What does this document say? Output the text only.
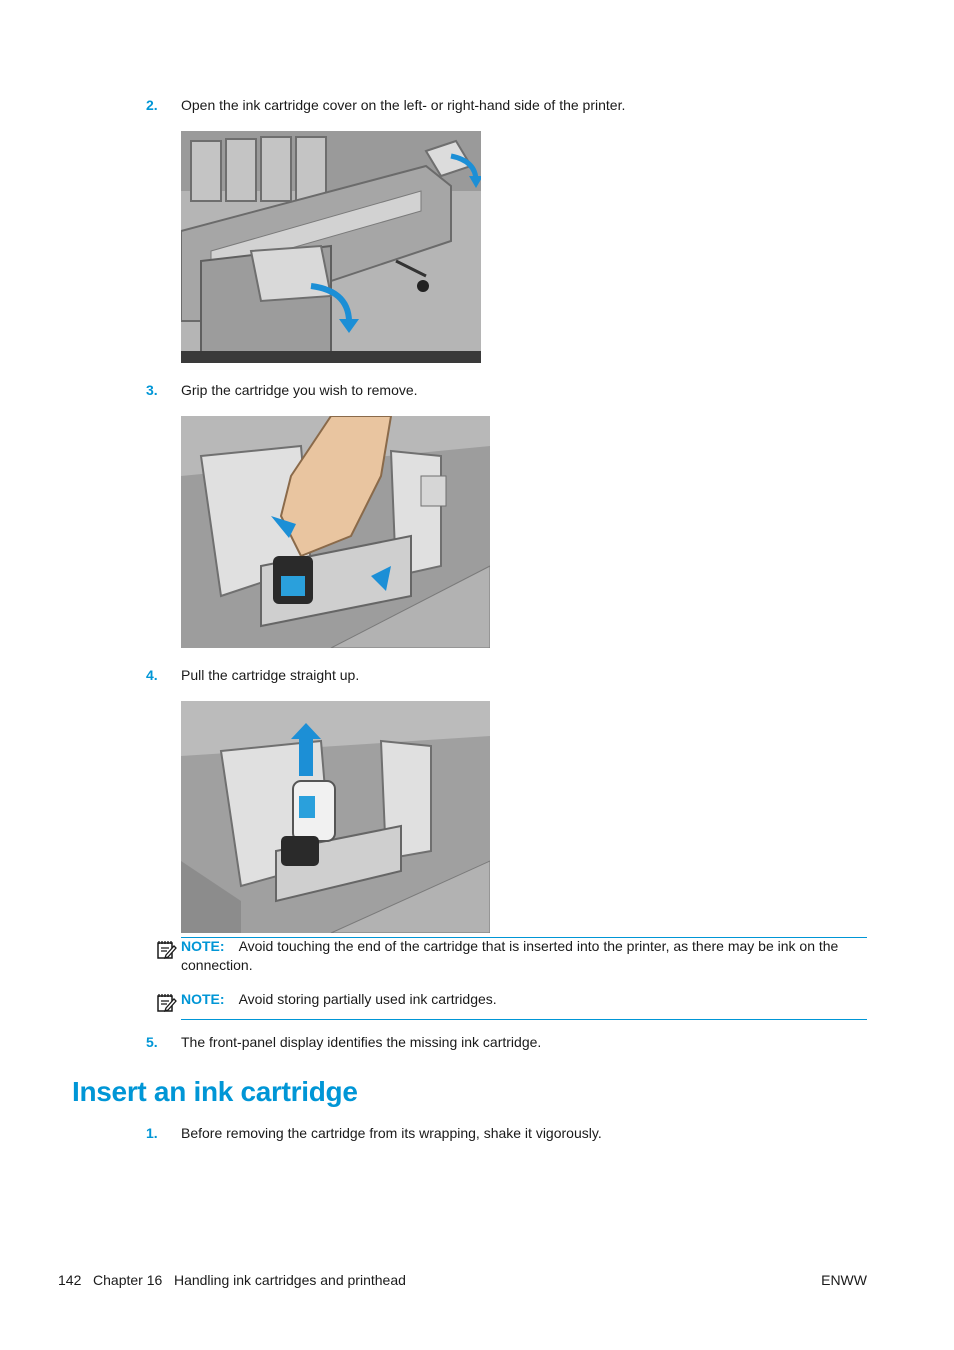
2. Open the ink cartridge cover on the left- or right-hand side of the printer.
3. Grip the cartridge you wish to remove.
4. Pull the cartridge straight up.
NOTE: Avoid touching the end of the cartridge that is inserted into the printer, as there may be ink on the connection.
NOTE: Avoid storing partially used ink cartridges.
5. The front-panel display identifies the missing ink cartridge.
Insert an ink cartridge
1. Before removing the cartridge from its wrapping, shake it vigorously.
142   Chapter 16   Handling ink cartridges and printhead	ENWW
